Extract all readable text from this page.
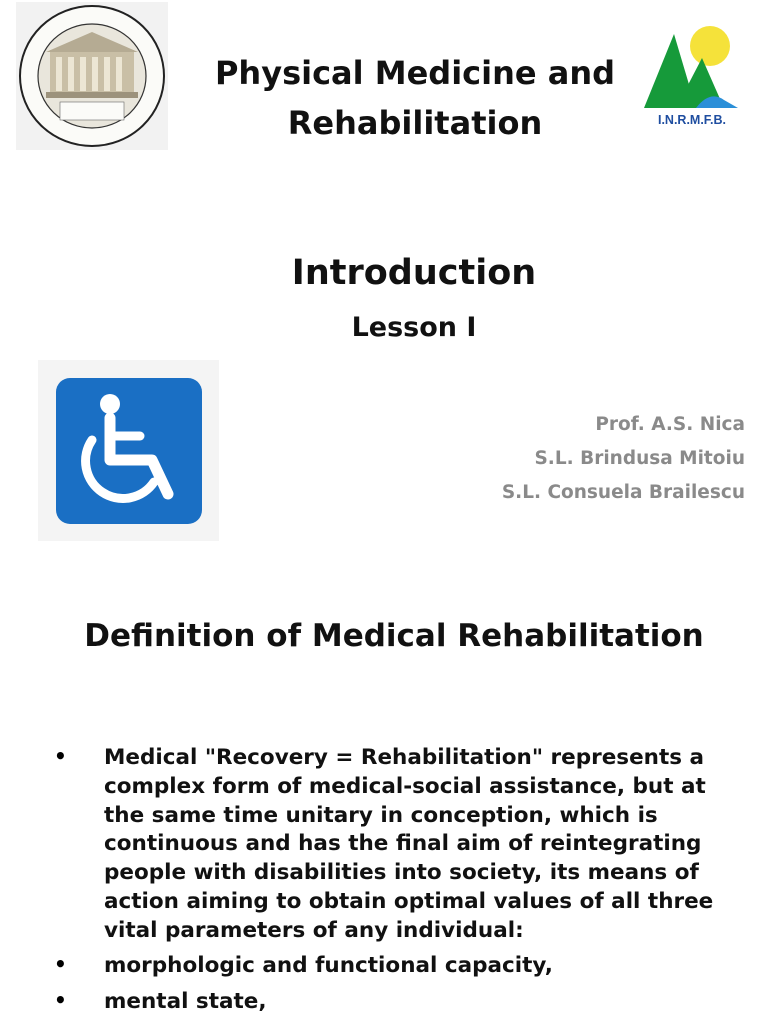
Physical Medicine and
Rehabilitation	I.N.R.M.F.B.
Introduction
Lesson I
Prof. A.S. Nica
S.L. Brindusa Mitoiu
S.L. Consuela Brailescu
Definition of Medical Rehabilitation
• Medical "Recovery = Rehabilitation" represents a complex form of medical-social assistance, but at the same time unitary in conception, which is continuous and has the final aim of reintegrating people with disabilities into society, its means of action aiming to obtain optimal values of all three vital parameters of any individual:
• morphologic and functional capacity,
• mental state,
